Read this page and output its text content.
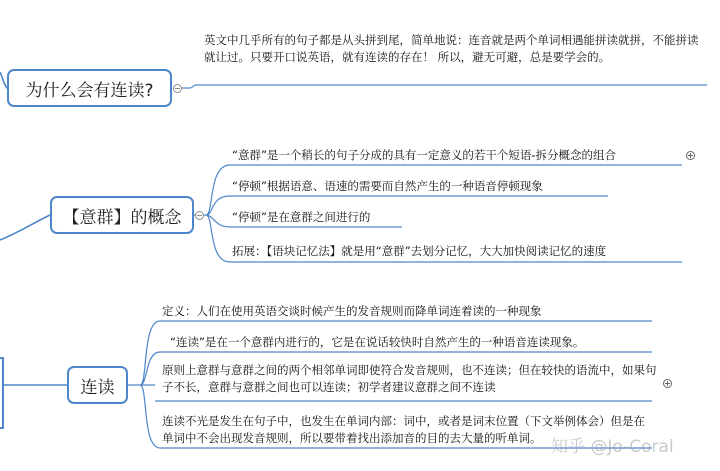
为什么会有连读?
英文中几乎所有的句子都是从头拼到尾，简单地说：连音就是两个单词相遇能拼读就拼，不能拼读就让过。只要开口说英语，就有连读的存在！ 所以，避无可避，总是要学会的。
【意群】的概念
“意群”是一个稍长的句子分成的具有一定意义的若干个短语-拆分概念的组合
“停顿”根据语意、语速的需要而自然产生的一种语音停顿现象
“停顿”是在意群之间进行的
拓展：【语块记忆法】就是用“意群”去划分记忆，大大加快阅读记忆的速度
连读
定义：人们在使用英语交谈时候产生的发音规则而降单词连着读的一种现象
“连读”是在一个意群内进行的，它是在说话较快时自然产生的一种语音连读现象。
原则上意群与意群之间的两个相邻单词即使符合发音规则，也不连读；但在较快的语流中，如果句子不长，意群与意群之间也可以连读；初学者建议意群之间不连读
连读不光是发生在句子中，也发生在单词内部：词中，或者是词末位置（下文举例体会）但是在单词中不会出现发音规则，所以要带着找出添加音的目的去大量的听单词。 知乎 @Jo-Coral
